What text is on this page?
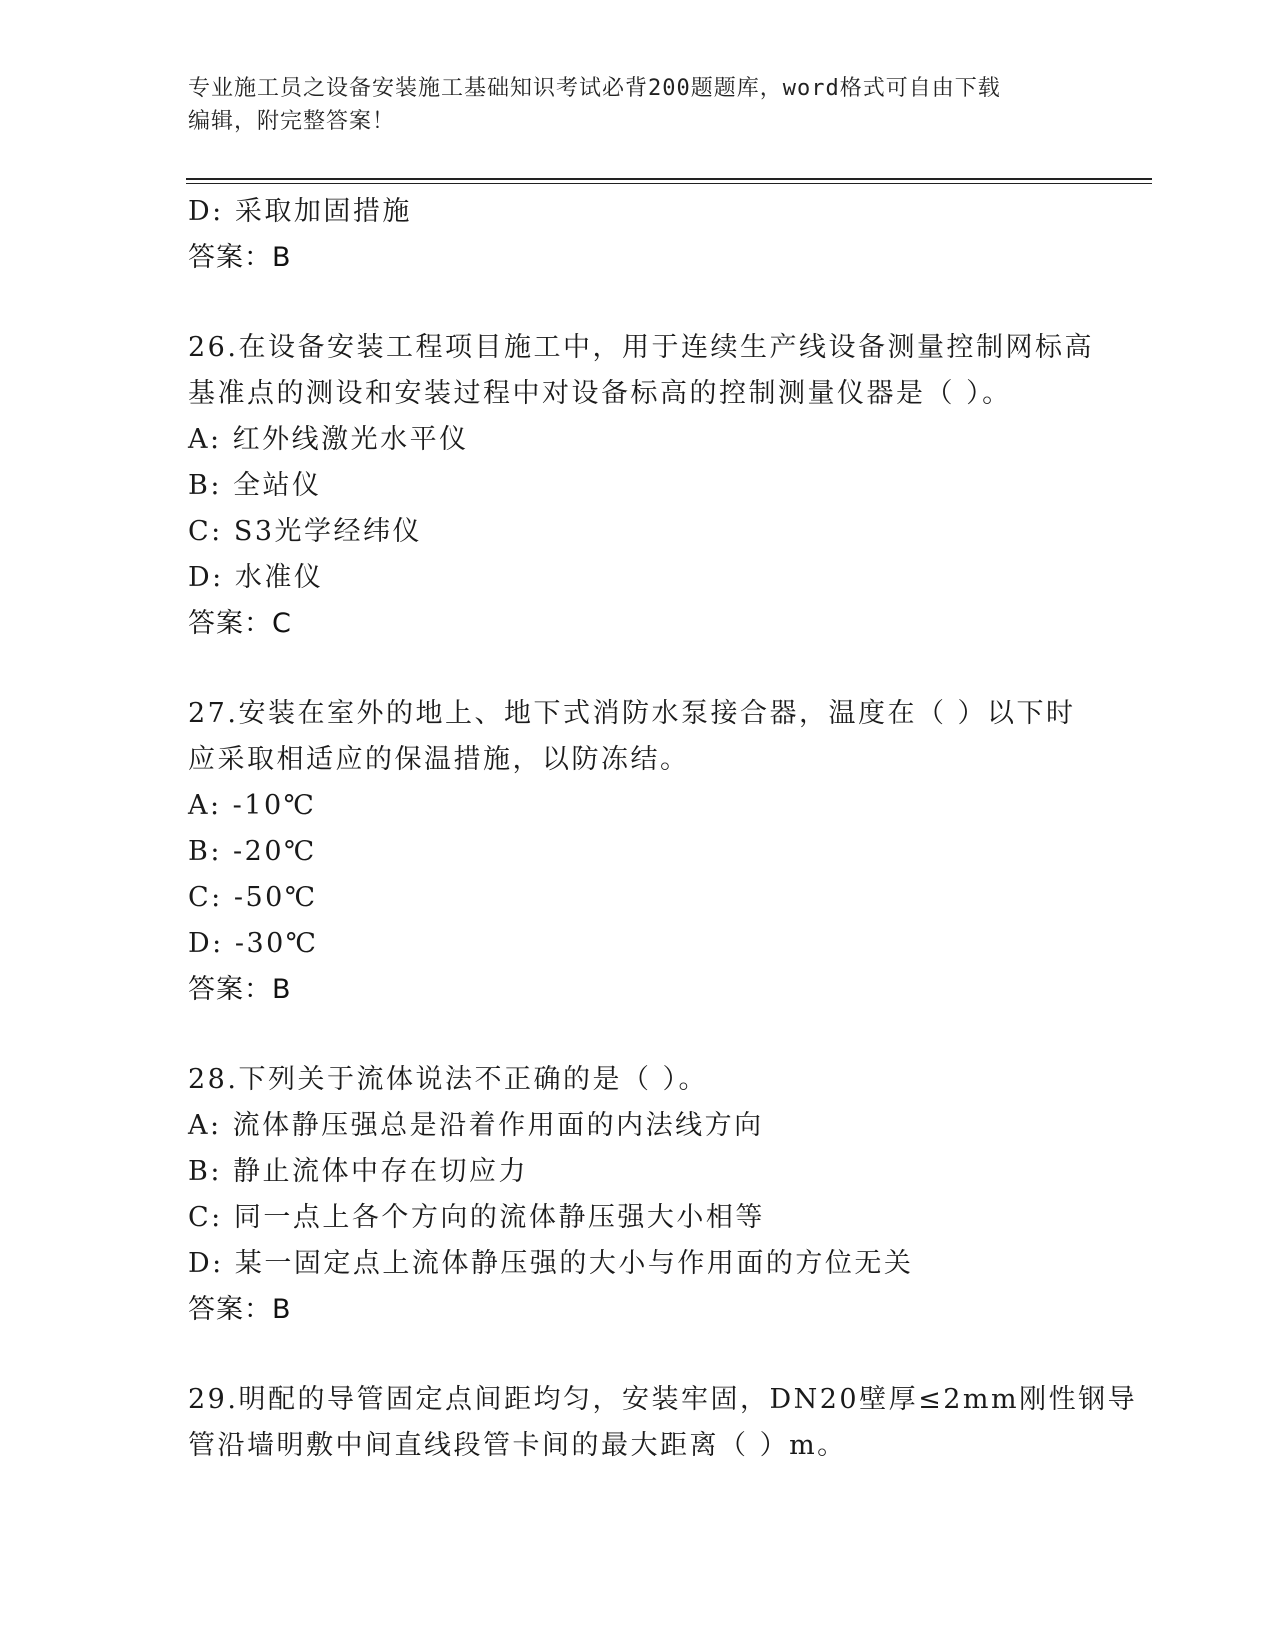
专业施工员之设备安装施工基础知识考试必背200题题库，word格式可自由下载
编辑，附完整答案！
D: 采取加固措施
答案：B
26.在设备安装工程项目施工中，用于连续生产线设备测量控制网标高
基准点的测设和安装过程中对设备标高的控制测量仪器是（ ）。
A: 红外线激光水平仪
B: 全站仪
C: S3光学经纬仪
D: 水准仪
答案：C
27.安装在室外的地上、地下式消防水泵接合器，温度在（ ）以下时
应采取相适应的保温措施，以防冻结。
A: -10℃
B: -20℃
C: -50℃
D: -30℃
答案：B
28.下列关于流体说法不正确的是（ ）。
A: 流体静压强总是沿着作用面的内法线方向
B: 静止流体中存在切应力
C: 同一点上各个方向的流体静压强大小相等
D: 某一固定点上流体静压强的大小与作用面的方位无关
答案：B
29.明配的导管固定点间距均匀，安装牢固，DN20壁厚≤2mm刚性钢导
管沿墙明敷中间直线段管卡间的最大距离（ ）m。
